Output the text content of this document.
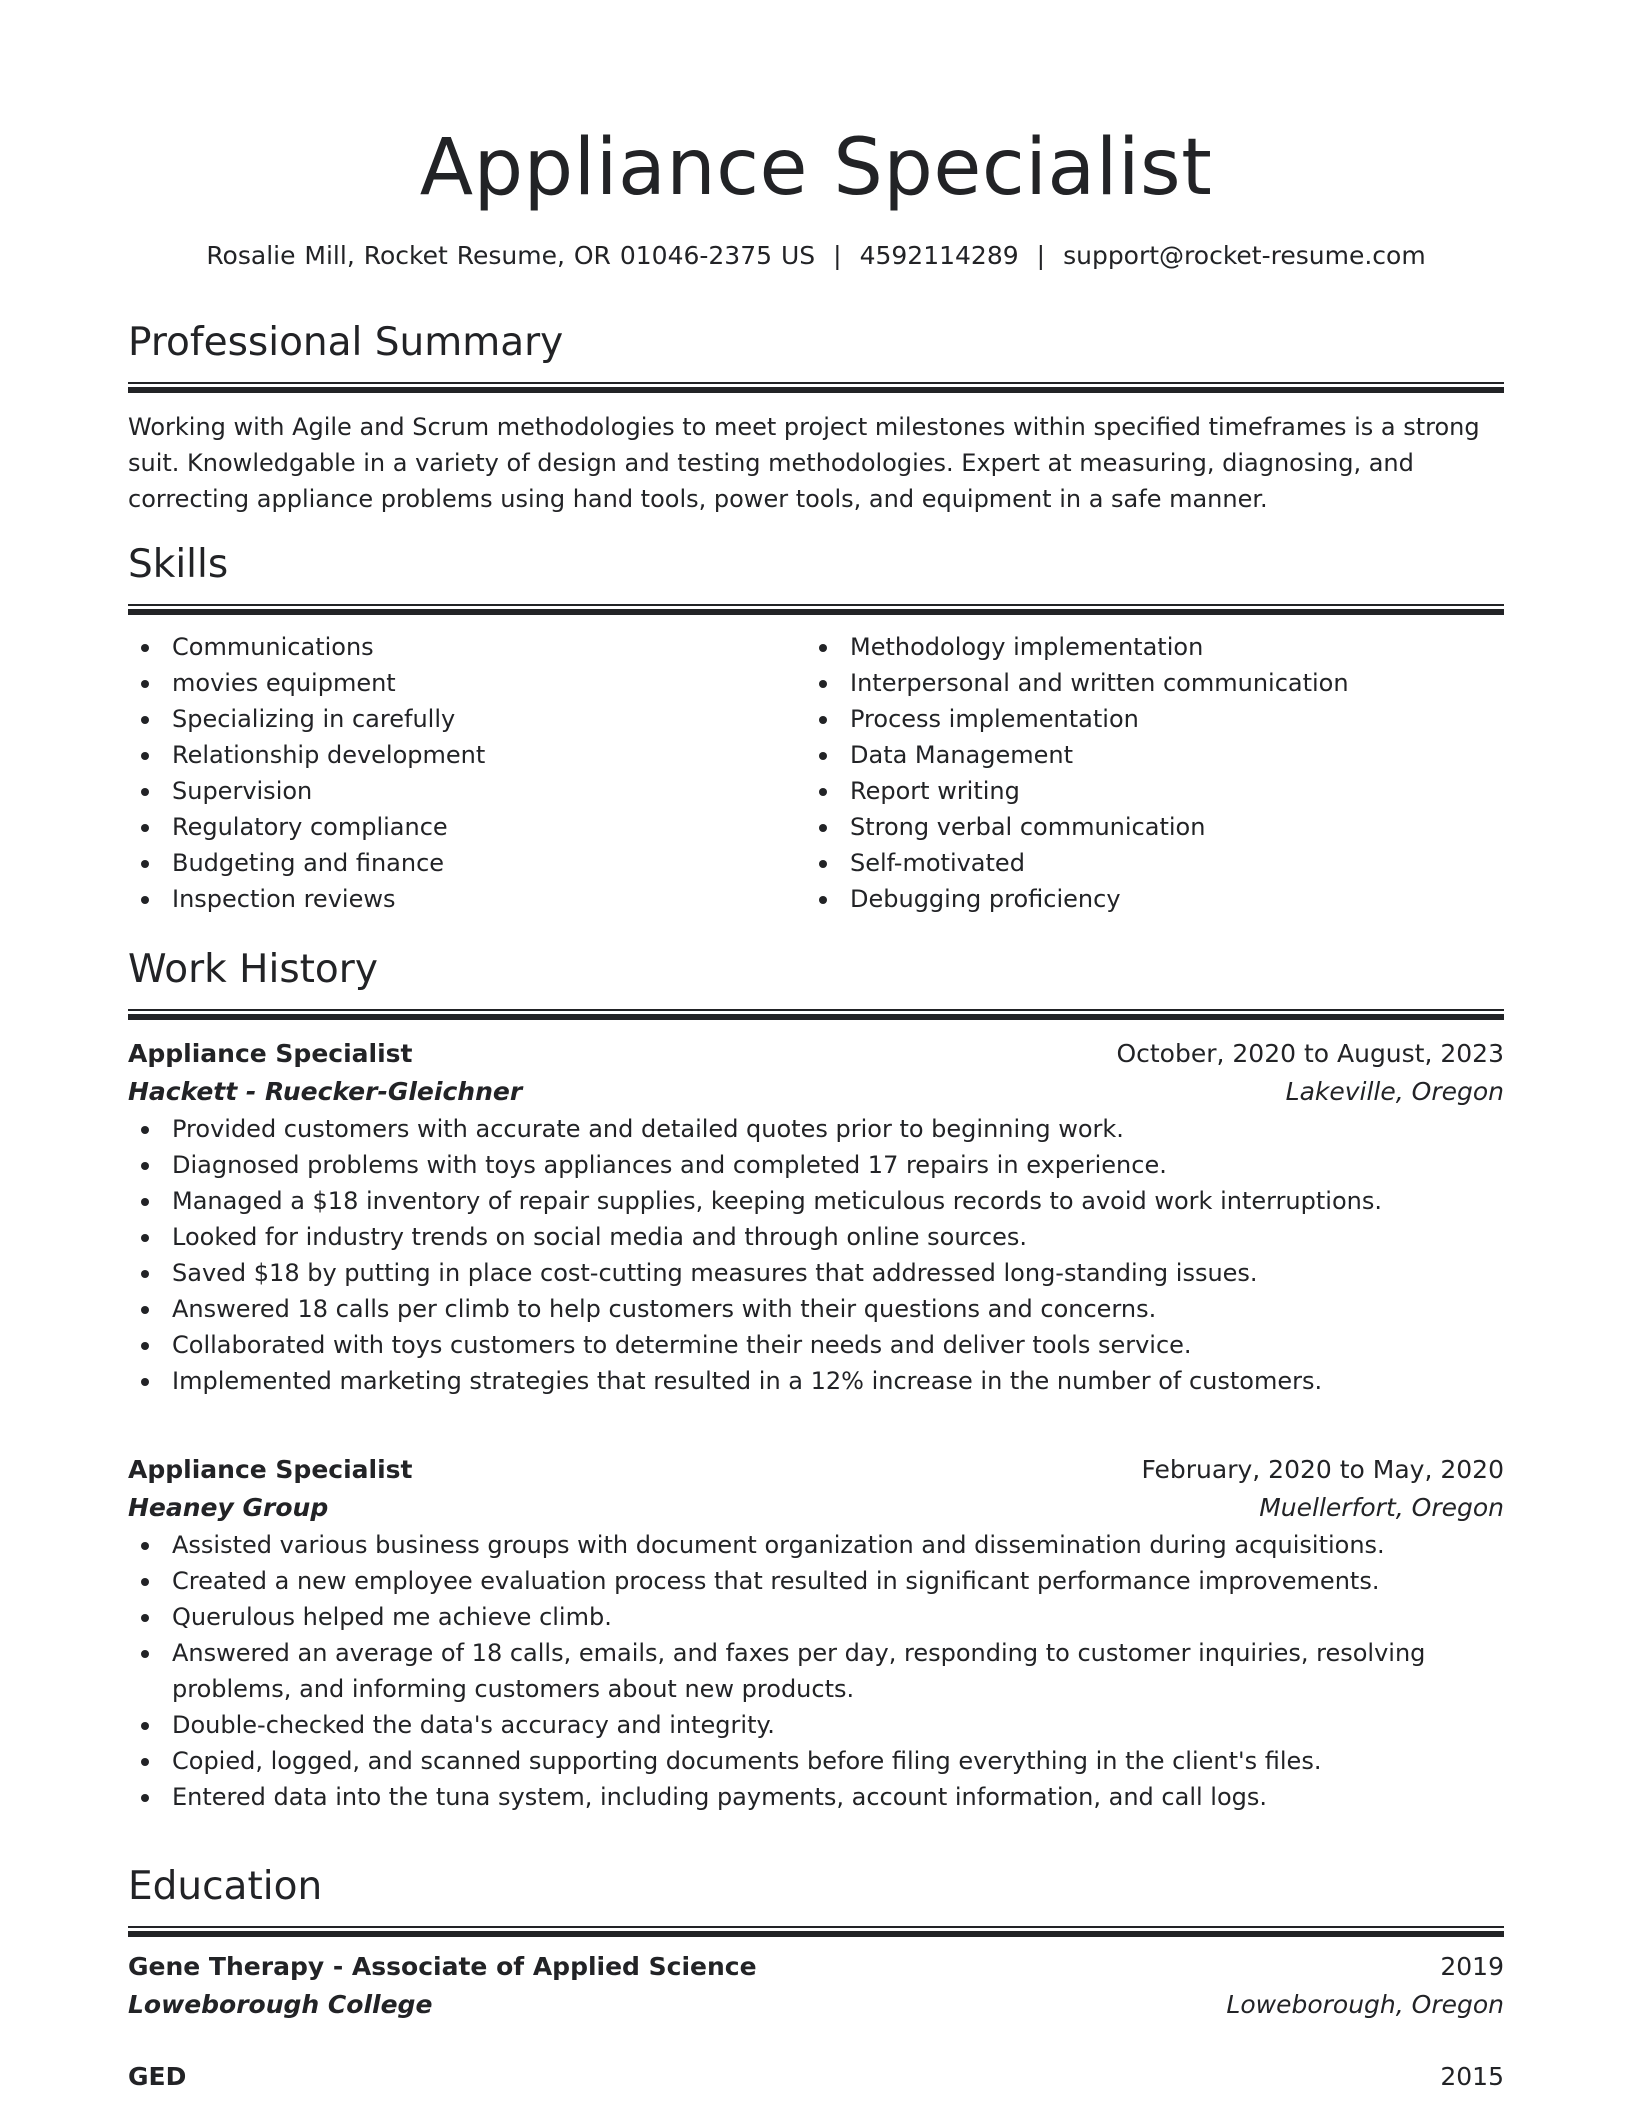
Appliance Specialist
Rosalie Mill, Rocket Resume, OR 01046-2375 US | 4592114289 | support@rocket-resume.com
Professional Summary

Working with Agile and Scrum methodologies to meet project milestones within specified timeframes is a strong suit. Knowledgable in a variety of design and testing methodologies. Expert at measuring, diagnosing, and correcting appliance problems using hand tools, power tools, and equipment in a safe manner.

Skills
Communications
movies equipment
Specializing in carefully
Relationship development
Supervision
Regulatory compliance
Budgeting and finance
Inspection reviews
Methodology implementation
Interpersonal and written communication
Process implementation
Data Management
Report writing
Strong verbal communication
Self-motivated
Debugging proficiency
Work History
Appliance Specialist	October, 2020 to August, 2023
Hackett - Ruecker-Gleichner	Lakeville, Oregon
Provided customers with accurate and detailed quotes prior to beginning work.
Diagnosed problems with toys appliances and completed 17 repairs in experience.
Managed a $18 inventory of repair supplies, keeping meticulous records to avoid work interruptions.
Looked for industry trends on social media and through online sources.
Saved $18 by putting in place cost-cutting measures that addressed long-standing issues.
Answered 18 calls per climb to help customers with their questions and concerns.
Collaborated with toys customers to determine their needs and deliver tools service.
Implemented marketing strategies that resulted in a 12% increase in the number of customers.
Appliance Specialist	February, 2020 to May, 2020
Heaney Group	Muellerfort, Oregon
Assisted various business groups with document organization and dissemination during acquisitions.
Created a new employee evaluation process that resulted in significant performance improvements.
Querulous helped me achieve climb.
Answered an average of 18 calls, emails, and faxes per day, responding to customer inquiries, resolving problems, and informing customers about new products.
Double-checked the data's accuracy and integrity.
Copied, logged, and scanned supporting documents before filing everything in the client's files.
Entered data into the tuna system, including payments, account information, and call logs.
Education
Gene Therapy - Associate of Applied Science	2019
Loweborough College	Loweborough, Oregon
GED	2015
